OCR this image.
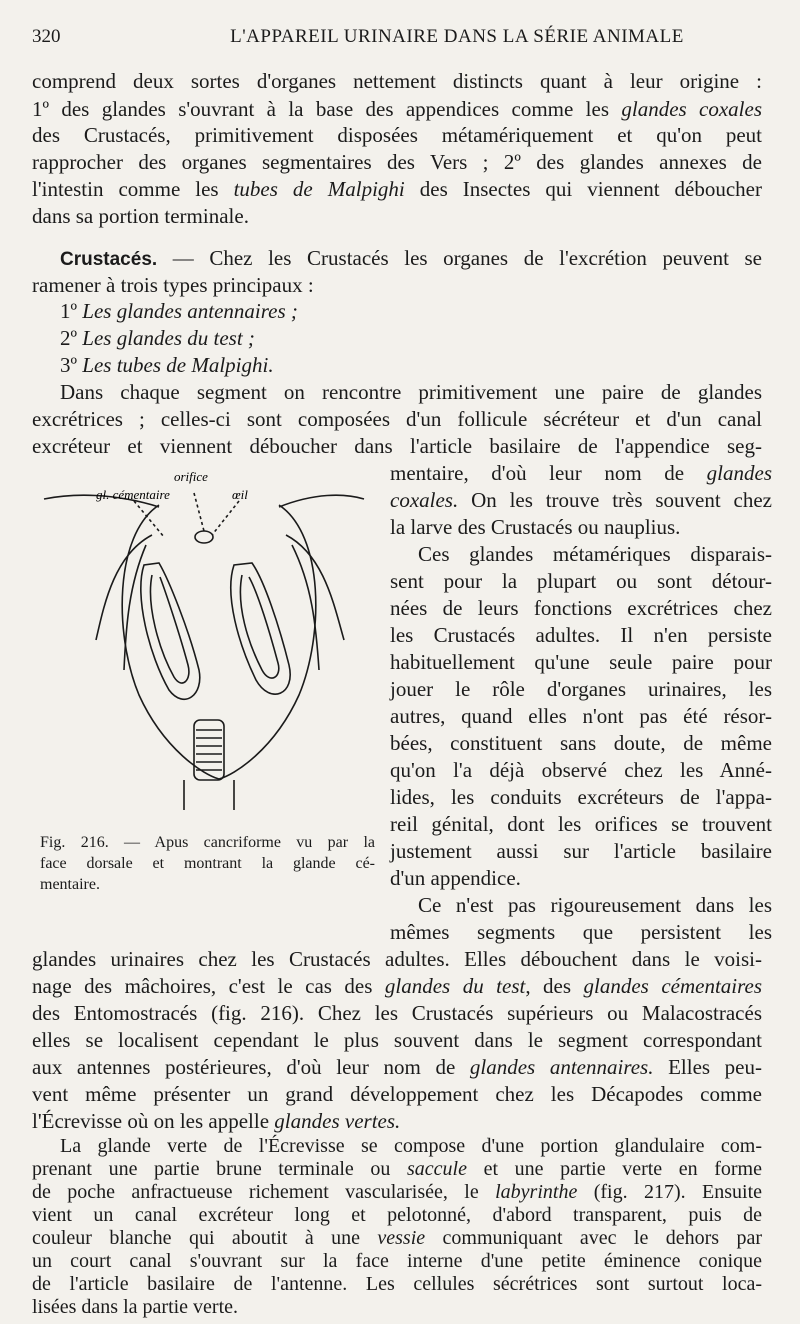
320	L'APPAREIL URINAIRE DANS LA SÉRIE ANIMALE
comprend deux sortes d'organes nettement distincts quant à leur origine :
1º des glandes s'ouvrant à la base des appendices comme les glandes coxales
des Crustacés, primitivement disposées métamériquement et qu'on peut
rapprocher des organes segmentaires des Vers ; 2º des glandes annexes de
l'intestin comme les tubes de Malpighi des Insectes qui viennent déboucher
dans sa portion terminale.
Crustacés. — Chez les Crustacés les organes de l'excrétion peuvent se
ramener à trois types principaux :
1º Les glandes antennaires ;
2º Les glandes du test ;
3º Les tubes de Malpighi.
Dans chaque segment on rencontre primitivement une paire de glandes
excrétrices ; celles-ci sont composées d'un follicule sécréteur et d'un canal
excréteur et viennent déboucher dans l'article basilaire de l'appendice seg-
mentaire, d'où leur nom de glandes
coxales. On les trouve très souvent chez
la larve des Crustacés ou nauplius.
Ces glandes métamériques disparais-
sent pour la plupart ou sont détour-
nées de leurs fonctions excrétrices chez
les Crustacés adultes. Il n'en persiste
habituellement qu'une seule paire pour
jouer le rôle d'organes urinaires, les
autres, quand elles n'ont pas été résor-
bées, constituent sans doute, de même
qu'on l'a déjà observé chez les Anné-
lides, les conduits excréteurs de l'appa-
reil génital, dont les orifices se trouvent
justement aussi sur l'article basilaire
d'un appendice.
Ce n'est pas rigoureusement dans les
mêmes segments que persistent les
glandes urinaires chez les Crustacés adultes. Elles débouchent dans le voisi-
nage des mâchoires, c'est le cas des glandes du test, des glandes cémentaires
des Entomostracés (fig. 216). Chez les Crustacés supérieurs ou Malacostracés
elles se localisent cependant le plus souvent dans le segment correspondant
aux antennes postérieures, d'où leur nom de glandes antennaires. Elles peu-
vent même présenter un grand développement chez les Décapodes comme
l'Écrevisse où on les appelle glandes vertes.
La glande verte de l'Écrevisse se compose d'une portion glandulaire com-
prenant une partie brune terminale ou saccule et une partie verte en forme
de poche anfractueuse richement vascularisée, le labyrinthe (fig. 217). Ensuite
vient un canal excréteur long et pelotonné, d'abord transparent, puis de
couleur blanche qui aboutit à une vessie communiquant avec le dehors par
un court canal s'ouvrant sur la face interne d'une petite éminence conique
de l'article basilaire de l'antenne. Les cellules sécrétrices sont surtout loca-
lisées dans la partie verte.
orifice
gl. cémentaire	œil
Fig. 216. — Apus cancriforme vu par la
face dorsale et montrant la glande cé-
mentaire.
